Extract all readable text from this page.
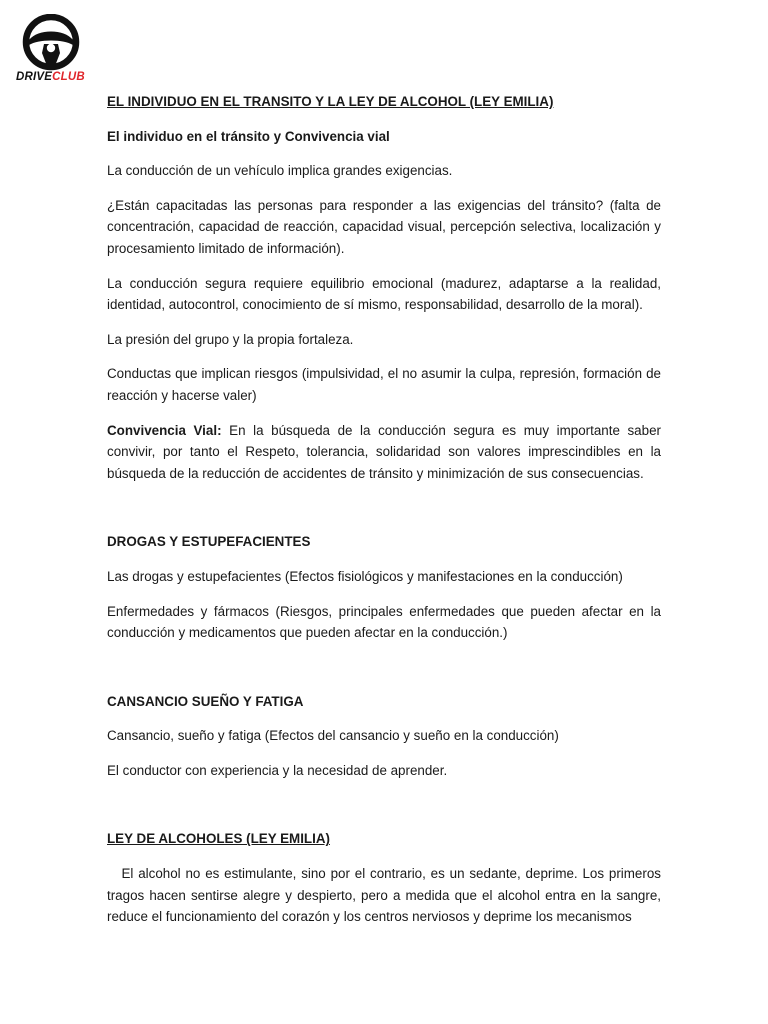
DRIVECLUB

EL INDIVIDUO EN EL TRANSITO Y LA LEY DE ALCOHOL (LEY EMILIA)

El individuo en el tránsito y Convivencia vial

La conducción de un vehículo implica grandes exigencias.

¿Están capacitadas las personas para responder a las exigencias del tránsito? (falta de concentración, capacidad de reacción, capacidad visual, percepción selectiva, localización y procesamiento limitado de información).

La conducción segura requiere equilibrio emocional (madurez, adaptarse a la realidad, identidad, autocontrol, conocimiento de sí mismo, responsabilidad, desarrollo de la moral).

La presión del grupo y la propia fortaleza.

Conductas que implican riesgos (impulsividad, el no asumir la culpa, represión, formación de reacción y hacerse valer)

Convivencia Vial: En la búsqueda de la conducción segura es muy importante saber convivir, por tanto el Respeto, tolerancia, solidaridad son valores imprescindibles en la búsqueda de la reducción de accidentes de tránsito y minimización de sus consecuencias.

DROGAS Y ESTUPEFACIENTES

Las drogas y estupefacientes (Efectos fisiológicos y manifestaciones en la conducción)

Enfermedades y fármacos (Riesgos, principales enfermedades que pueden afectar en la conducción y medicamentos que pueden afectar en la conducción.)

CANSANCIO SUEÑO Y FATIGA

Cansancio, sueño y fatiga (Efectos del cansancio y sueño en la conducción)

El conductor con experiencia y la necesidad de aprender.

LEY DE ALCOHOLES (LEY EMILIA)

El alcohol no es estimulante, sino por el contrario, es un sedante, deprime. Los primeros tragos hacen sentirse alegre y despierto, pero a medida que el alcohol entra en la sangre, reduce el funcionamiento del corazón y los centros nerviosos y deprime los mecanismos
